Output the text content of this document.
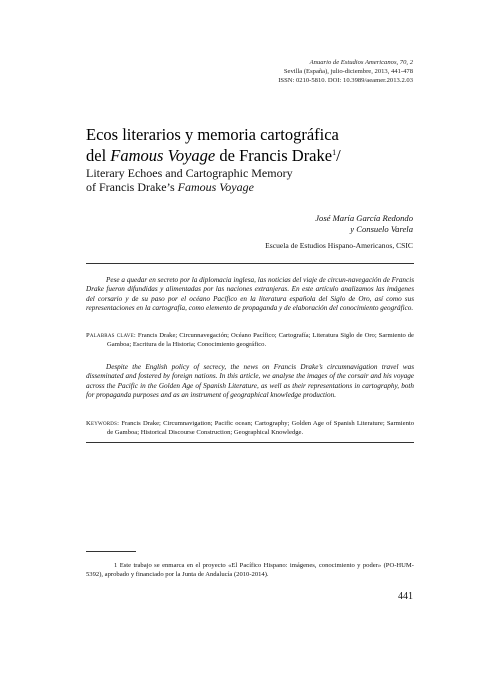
Anuario de Estudios Americanos, 70, 2
Sevilla (España), julio-diciembre, 2013, 441-478
ISSN: 0210-5810. DOI: 10.3989/aeamer.2013.2.03
Ecos literarios y memoria cartográfica
del Famous Voyage de Francis Drake$^1$/
Literary Echoes and Cartographic Memory
of Francis Drake’s Famous Voyage
José María García Redondo
y Consuelo Varela
Escuela de Estudios Hispano-Americanos, CSIC

Pese a quedar en secreto por la diplomacia inglesa, las noticias del viaje de circun-navegación de Francis Drake fueron difundidas y alimentadas por las naciones extranjeras. En este artículo analizamos las imágenes del corsario y de su paso por el océano Pacífico en la literatura española del Siglo de Oro, así como sus representaciones en la cartografía, como elemento de propaganda y de elaboración del conocimiento geográfico.

Palabras clave: Francis Drake; Circunnavegación; Océano Pacífico; Cartografía; Literatura Siglo de Oro; Sarmiento de Gamboa; Escritura de la Historia; Conocimiento geográfico.

Despite the English policy of secrecy, the news on Francis Drake’s circumnavigation travel was disseminated and fostered by foreign nations. In this article, we analyse the images of the corsair and his voyage across the Pacific in the Golden Age of Spanish Literature, as well as their representations in cartography, both for propaganda purposes and as an instrument of geographical knowledge production.

Keywords: Francis Drake; Circumnavigation; Pacific ocean; Cartography; Golden Age of Spanish Literature; Sarmiento de Gamboa; Historical Discourse Construction; Geographical Knowledge.
1 Este trabajo se enmarca en el proyecto «El Pacífico Hispano: imágenes, conocimiento y poder» (PO-HUM-5392), aprobado y financiado por la Junta de Andalucía (2010-2014).
441
